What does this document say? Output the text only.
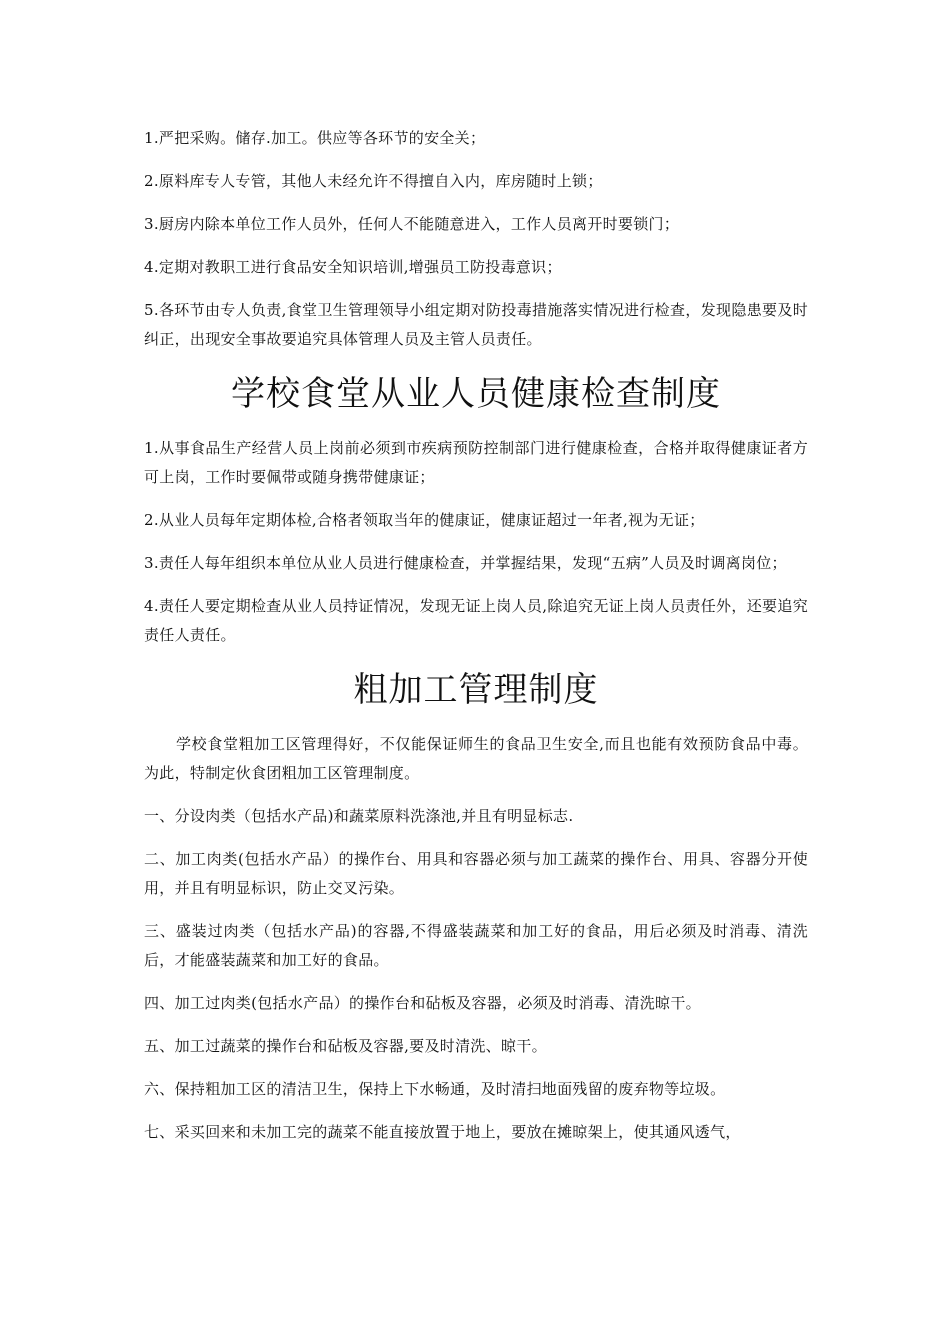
1.严把采购。储存.加工。供应等各环节的安全关；

2.原料库专人专管，其他人未经允许不得擅自入内，库房随时上锁；

3.厨房内除本单位工作人员外，任何人不能随意进入，工作人员离开时要锁门；

4.定期对教职工进行食品安全知识培训,增强员工防投毒意识；

5.各环节由专人负责,食堂卫生管理领导小组定期对防投毒措施落实情况进行检查，发现隐患要及时纠正，出现安全事故要追究具体管理人员及主管人员责任。

学校食堂从业人员健康检查制度

1.从事食品生产经营人员上岗前必须到市疾病预防控制部门进行健康检查，合格并取得健康证者方可上岗，工作时要佩带或随身携带健康证；

2.从业人员每年定期体检,合格者领取当年的健康证，健康证超过一年者,视为无证；

3.责任人每年组织本单位从业人员进行健康检查，并掌握结果，发现“五病”人员及时调离岗位；

4.责任人要定期检查从业人员持证情况，发现无证上岗人员,除追究无证上岗人员责任外，还要追究责任人责任。

粗加工管理制度

学校食堂粗加工区管理得好，不仅能保证师生的食品卫生安全,而且也能有效预防食品中毒。为此，特制定伙食团粗加工区管理制度。

一、分设肉类（包括水产品)和蔬菜原料洗涤池,并且有明显标志.

二、加工肉类(包括水产品）的操作台、用具和容器必须与加工蔬菜的操作台、用具、容器分开使用，并且有明显标识，防止交叉污染。

三、盛装过肉类（包括水产品)的容器,不得盛装蔬菜和加工好的食品，用后必须及时消毒、清洗后，才能盛装蔬菜和加工好的食品。

四、加工过肉类(包括水产品）的操作台和砧板及容器，必须及时消毒、清洗晾干。

五、加工过蔬菜的操作台和砧板及容器,要及时清洗、晾干。

六、保持粗加工区的清洁卫生，保持上下水畅通，及时清扫地面残留的废弃物等垃圾。

七、采买回来和未加工完的蔬菜不能直接放置于地上，要放在摊晾架上，使其通风透气，
